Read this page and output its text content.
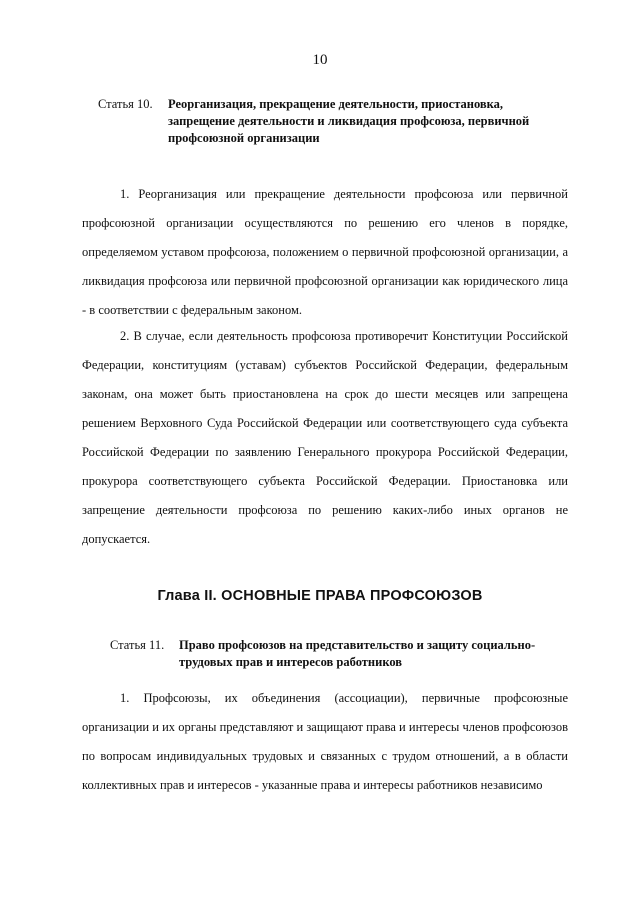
10
Статья 10. Реорганизация, прекращение деятельности, приостановка, запрещение деятельности и ликвидация профсоюза, первичной профсоюзной организации

1. Реорганизация или прекращение деятельности профсоюза или первичной профсоюзной организации осуществляются по решению его членов в порядке, определяемом уставом профсоюза, положением о первичной профсоюзной организации, а ликвидация профсоюза или первичной профсоюзной организации как юридического лица - в соответствии с федеральным законом.

2. В случае, если деятельность профсоюза противоречит Конституции Российской Федерации, конституциям (уставам) субъектов Российской Федерации, федеральным законам, она может быть приостановлена на срок до шести месяцев или запрещена решением Верховного Суда Российской Федерации или соответствующего суда субъекта Российской Федерации по заявлению Генерального прокурора Российской Федерации, прокурора соответствующего субъекта Российской Федерации. Приостановка или запрещение деятельности профсоюза по решению каких-либо иных органов не допускается.

Глава II. ОСНОВНЫЕ ПРАВА ПРОФСОЮЗОВ
Статья 11. Право профсоюзов на представительство и защиту социально-трудовых прав и интересов работников

1. Профсоюзы, их объединения (ассоциации), первичные профсоюзные организации и их органы представляют и защищают права и интересы членов профсоюзов по вопросам индивидуальных трудовых и связанных с трудом отношений, а в области коллективных прав и интересов - указанные права и интересы работников независимо
